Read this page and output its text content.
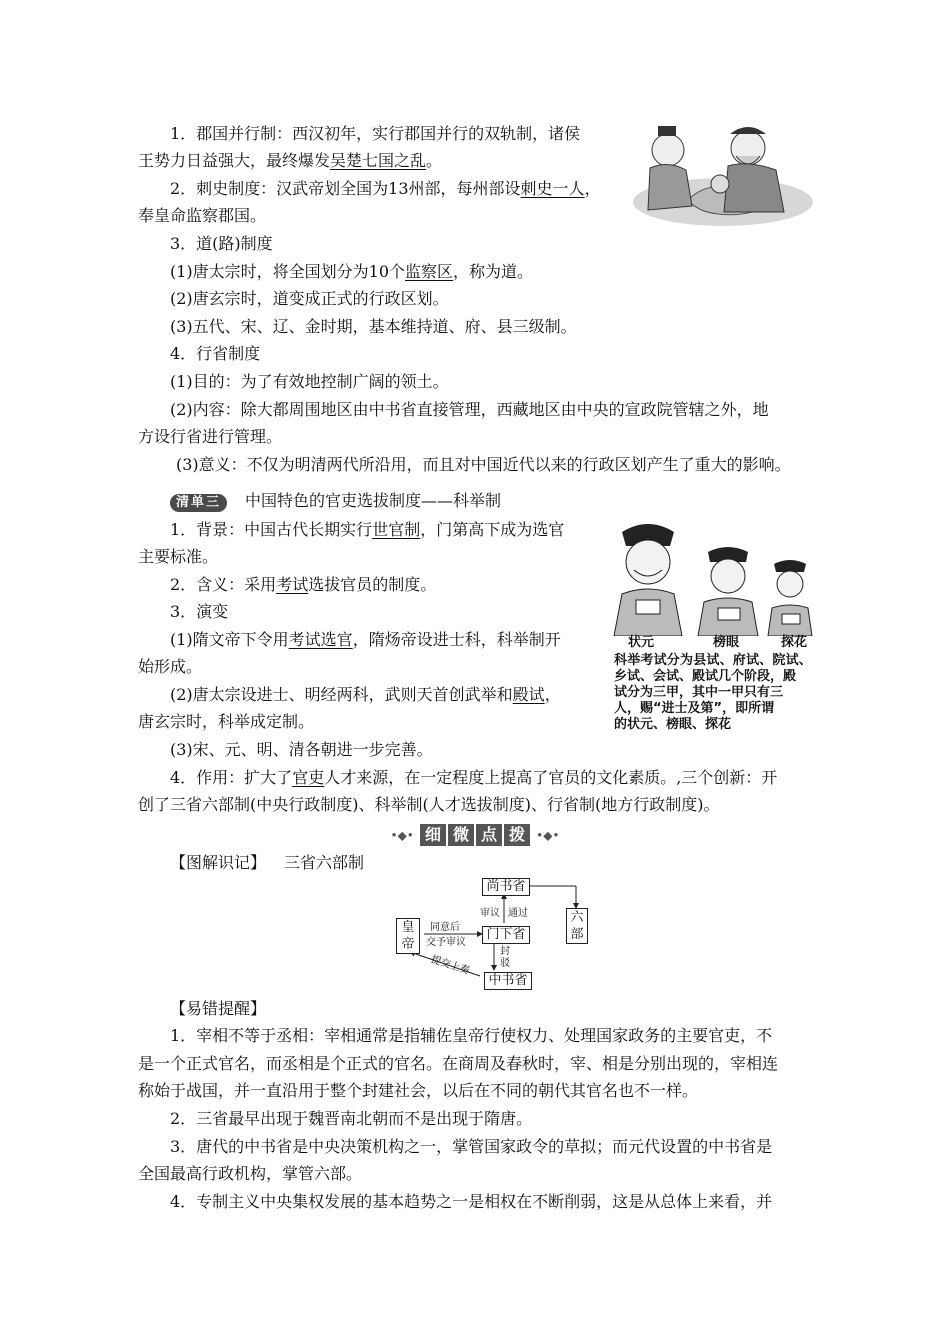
1．郡国并行制：西汉初年，实行郡国并行的双轨制，诸侯
王势力日益强大，最终爆发吴楚七国之乱。
2．刺史制度：汉武帝划全国为13州部，每州部设刺史一人，
奉皇命监察郡国。
3．道(路)制度
(1)唐太宗时，将全国划分为10个监察区，称为道。
(2)唐玄宗时，道变成正式的行政区划。
(3)五代、宋、辽、金时期，基本维持道、府、县三级制。
4．行省制度
(1)目的：为了有效地控制广阔的领土。
(2)内容：除大都周围地区由中书省直接管理，西藏地区由中央的宣政院管辖之外，地
方设行省进行管理。
(3)意义：不仅为明清两代所沿用，而且对中国近代以来的行政区划产生了重大的影响。
清单三 中国特色的官吏选拔制度——科举制
1．背景：中国古代长期实行世官制，门第高下成为选官
主要标准。
2．含义：采用考试选拔官员的制度。
3．演变
(1)隋文帝下令用考试选官，隋炀帝设进士科，科举制开
始形成。
(2)唐太宗设进士、明经两科，武则天首创武举和殿试，
唐玄宗时，科举成定制。
(3)宋、元、明、清各朝进一步完善。
4．作用：扩大了官吏人才来源，在一定程度上提高了官员的文化素质。,三个创新：开
创了三省六部制(中央行政制度)、科举制(人才选拔制度)、行省制(地方行政制度)。
状元	榜眼	探花
科举考试分为县试、府试、院试、
乡试、会试、殿试几个阶段，殿
试分为三甲，其中一甲只有三
人，赐“进士及第”，即所谓
的状元、榜眼、探花
•◆• 细 微 点 拨 •◆•
【图解识记】 三省六部制
尚书省
皇帝
门下省
中书省
六部
同意后
交予审议
审议 通过
封驳
提交上奏
【易错提醒】
1．宰相不等于丞相：宰相通常是指辅佐皇帝行使权力、处理国家政务的主要官吏，不
是一个正式官名，而丞相是个正式的官名。在商周及春秋时，宰、相是分别出现的，宰相连
称始于战国，并一直沿用于整个封建社会，以后在不同的朝代其官名也不一样。
2．三省最早出现于魏晋南北朝而不是出现于隋唐。
3．唐代的中书省是中央决策机构之一，掌管国家政令的草拟；而元代设置的中书省是
全国最高行政机构，掌管六部。
4．专制主义中央集权发展的基本趋势之一是相权在不断削弱，这是从总体上来看，并
